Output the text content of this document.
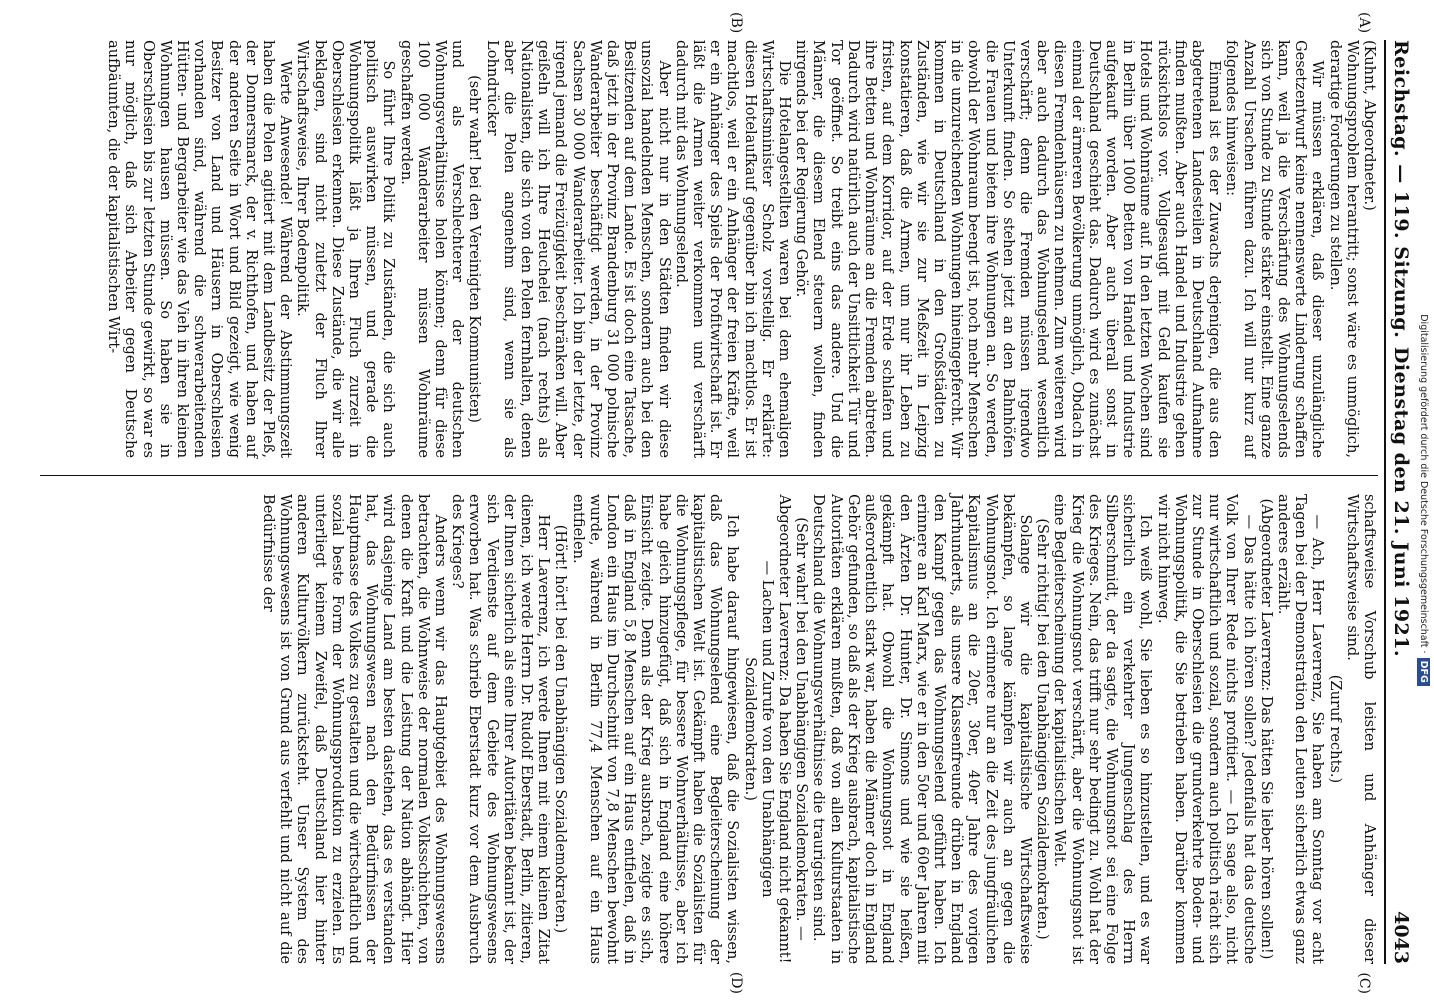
Reichstag. — 119. Sitzung.
Dienstag den 21. Juni 1921.
4043
(A)
(B)
(C)
(D)

(Kuhnt, Abgeordneter.)

Wohnungsproblem herantritt; sonst wäre es unmöglich, derartige Forderungen zu stellen.

Wir müssen erklären, daß dieser unzulängliche Gesetzentwurf keine nennenswerte Linderung schaffen kann, weil ja die Verschärfung des Wohnungselends sich von Stunde zu Stunde stärker einstellt. Eine ganze Anzahl Ursachen führen dazu. Ich will nur kurz auf folgendes hinweisen:

Einmal ist es der Zuwachs derjenigen, die aus den abgetretenen Landesteilen in Deutschland Aufnahme finden mußten. Aber auch Handel und Industrie gehen rücksichtslos vor. Vollgesaugt mit Geld kaufen sie Hotels und Wohnräume auf. In den letzten Wochen sind in Berlin über 1000 Betten von Handel und Industrie aufgekauft worden. Aber auch überall sonst in Deutschland geschieht das. Dadurch wird es zunächst einmal der ärmeren Bevölkerung unmöglich, Obdach in diesen Fremdenhäusern zu nehmen. Zum weiteren wird aber auch dadurch das Wohnungselend wesentlich verschärft; denn die Fremden müssen irgendwo Unterkunft finden. So stehen jetzt an den Bahnhöfen die Frauen und bieten ihre Wohnungen an. So werden, obwohl der Wohnraum beengt ist, noch mehr Menschen in die unzureichenden Wohnungen hineingepfercht. Wir kommen in Deutschland in den Großstädten zu Zuständen, wie wir sie zur Meßzeit in Leipzig konstatieren, daß die Armen, um nur ihr Leben zu fristen, auf dem Korridor, auf der Erde schlafen und ihre Betten und Wohnräume an die Fremden abtreten. Dadurch wird natürlich auch der Unsittlichkeit Tür und Tor geöffnet. So treibt eins das andere. Und die Männer, die diesem Elend steuern wollen, finden nirgends bei der Regierung Gehör.

Die Hotelangestellten waren bei dem ehemaligen Wirtschaftsminister Scholz vorstellig. Er erklärte: diesen Hotelaufkauf gegenüber bin ich machtlos. Er ist machtlos, weil er ein Anhänger der freien Kräfte, weil er ein Anhänger des Spiels der Profitwirtschaft ist. Er läßt die Armen weiter verkommen und verschärft dadurch mit das Wohnungselend.

Aber nicht nur in den Städten finden wir diese unsozial handelnden Menschen, sondern auch bei den Besitzenden auf dem Lande. Es ist doch eine Tatsache, daß jetzt in der Provinz Brandenburg 31 000 polnische Wanderarbeiter beschäftigt werden, in der Provinz Sachsen 30 000 Wanderarbeiter. Ich bin der letzte, der irgend jemand die Freizügigkeit beschränken will. Aber geißeln will ich Ihre Heuchelei (nach rechts) als Nationalisten, die sich von den Polen fernhalten, denen aber die Polen angenehm sind, wenn sie als Lohndrücker

(sehr wahr! bei den Vereinigten Kommunisten)

und als Verschlechterer der deutschen Wohnungsverhältnisse holen können; denn für diese 100 000 Wanderarbeiter müssen Wohnräume geschaffen werden.

So führt Ihre Politik zu Zuständen, die sich auch politisch auswirken müssen, und gerade die Wohnungspolitik läßt ja Ihren Fluch zurzeit in Oberschlesien erkennen. Diese Zustände, die wir alle beklagen, sind nicht zuletzt der Fluch Ihrer Wirtschaftsweise, Ihrer Bodenpolitik.

Werte Anwesende! Während der Abstimmungszeit haben die Polen agitiert mit dem Landbesitz der Pleß, der Donnersmarck, der v. Richthofen, und haben auf der anderen Seite in Wort und Bild gezeigt, wie wenig Besitzer von Land und Häusern in Oberschlesien vorhanden sind, während die schwerarbeitenden Hütten- und Bergarbeiter wie das Vieh in ihren kleinen Wohnungen hausen müssen. So haben sie in Oberschlesien bis zur letzten Stunde gewirkt, so war es nur möglich, daß sich Arbeiter gegen Deutsche aufbäumten, die der kapitalistischen Wirt-

schaftsweise Vorschub leisten und Anhänger dieser Wirtschaftsweise sind.

(Zuruf rechts.)

— Ach, Herr Laverrenz, Sie haben am Sonntag vor acht Tagen bei der Demonstration den Leuten sicherlich etwas ganz anderes erzählt.

(Abgeordneter Laverrenz: Das hätten Sie lieber hören sollen!)

— Das hätte ich hören sollen? Jedenfalls hat das deutsche Volk von Ihrer Rede nichts profitiert. — Ich sage also, nicht nur wirtschaftlich und sozial, sondern auch politisch rächt sich zur Stunde in Oberschlesien die grundverkehrte Boden- und Wohnungspolitik, die Sie betrieben haben. Darüber kommen wir nicht hinweg.

Ich weiß wohl, Sie lieben es so hinzustellen, und es war sicherlich ein verkehrter Jungenschlag des Herrn Silberschmidt, der da sagte, die Wohnungsnot sei eine Folge des Krieges. Nein, das trifft nur sehr bedingt zu. Wohl hat der Krieg die Wohnungsnot verschärft, aber die Wohnungsnot ist eine Begleiterscheinung der kapitalistischen Welt.

(Sehr richtig! bei den Unabhängigen Sozialdemokraten.)

Solange wir die kapitalistische Wirtschaftsweise bekämpfen, so lange kämpfen wir auch an gegen die Wohnungsnot. Ich erinnere nur an die Zeit des jungfräulichen Kapitalismus an die 20er, 30er, 40er Jahre des vorigen Jahrhunderts, als unsere Klassenfreunde drüben in England den Kampf gegen das Wohnungselend geführt haben. Ich erinnere an Karl Marx, wie er in den 50er und 60er Jahren mit den Ärzten Dr. Hunter, Dr. Simons und wie sie heißen, gekämpft hat. Obwohl die Wohnungsnot in England außerordentlich stark war, haben die Männer doch in England Gehör gefunden, so daß als der Krieg ausbrach, kapitalistische Autoritäten erklären mußten, daß von allen Kulturstaaten in Deutschland die Wohnungsverhältnisse die traurigsten sind.

(Sehr wahr! bei den Unabhängigen Sozialdemokraten. — Abgeordneter Laverrenz: Da haben Sie England nicht gekannt! — Lachen und Zurufe von den Unabhängigen Sozialdemokraten.)

Ich habe darauf hingewiesen, daß die Sozialisten wissen, daß das Wohnungselend eine Begleiterscheinung der kapitalistischen Welt ist. Gekämpft haben die Sozialisten für die Wohnungspflege, für bessere Wohnverhältnisse, aber ich habe gleich hinzugefügt, daß sich in England eine höhere Einsicht zeigte. Denn als der Krieg ausbrach, zeigte es sich, daß in England 5,8 Menschen auf ein Haus entfielen, daß in London ein Haus im Durchschnitt von 7,8 Menschen bewohnt wurde, während in Berlin 77,4 Menschen auf ein Haus entfielen.

(Hört! hört! bei den Unabhängigen Sozialdemokraten.)

Herr Laverrenz, ich werde Ihnen mit einem kleinen Zitat dienen, ich werde Herrn Dr. Rudolf Eberstadt, Berlin, zitieren, der Ihnen sicherlich als eine Ihrer Autoritäten bekannt ist, der sich Verdienste auf dem Gebiete des Wohnungswesens erworben hat. Was schrieb Eberstadt kurz vor dem Ausbruch des Krieges?

Anders wenn wir das Hauptgebiet des Wohnungswesens betrachten, die Wohnweise der normalen Volksschichten, von denen die Kraft und die Leistung der Nation abhängt. Hier wird dasjenige Land am besten dastehen, das es verstanden hat, das Wohnungswesen nach den Bedürfnissen der Hauptmasse des Volkes zu gestalten und die wirtschaftlich und sozial beste Form der Wohnungsproduktion zu erzielen. Es unterliegt keinem Zweifel, daß Deutschland hier hinter anderen Kulturvölkern zurücksteht. Unser System des Wohnungswesens ist von Grund aus verfehlt und nicht auf die Bedürfnisse der	Digitalisierung gefördert durch die Deutsche Forschungsgemeinschaft ·DFG
